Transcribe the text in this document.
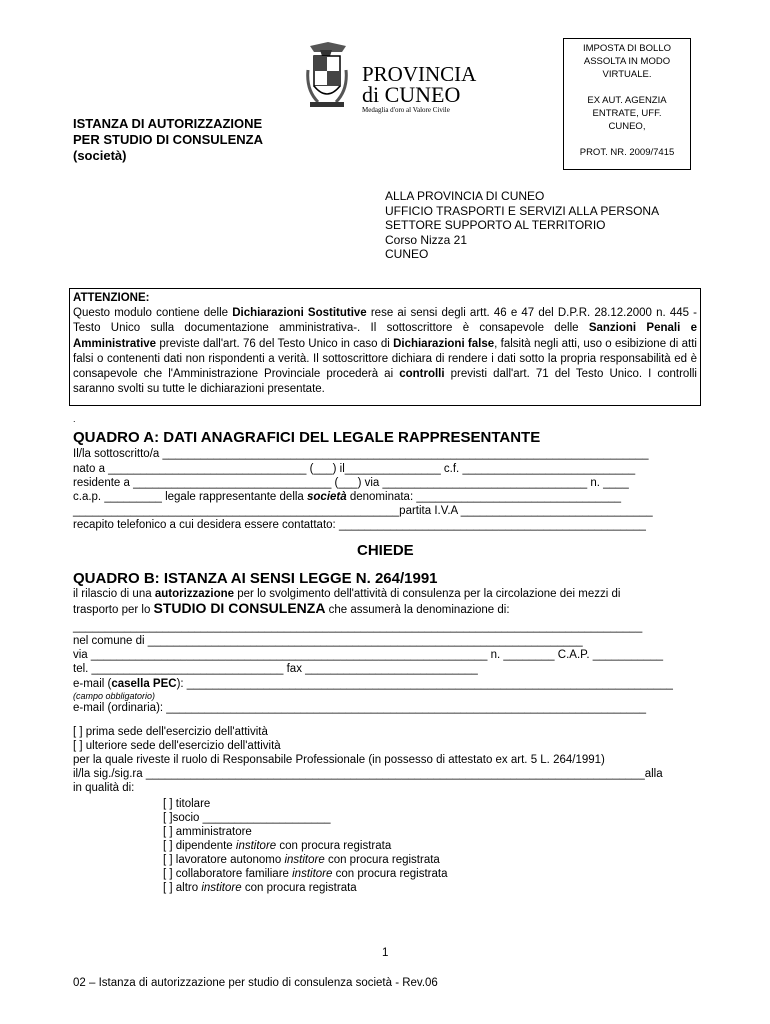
PROVINCIA
di CUNEO
Medaglia d'oro al Valore Civile
ISTANZA DI AUTORIZZAZIONE
PER STUDIO DI CONSULENZA
(società)

IMPOSTA DI BOLLO

ASSOLTA IN MODO

VIRTUALE.

EX AUT. AGENZIA

ENTRATE, UFF.

CUNEO,

PROT. NR. 2009/7415

ALLA PROVINCIA DI CUNEO
UFFICIO TRASPORTI E SERVIZI ALLA PERSONA
SETTORE SUPPORTO AL TERRITORIO
Corso Nizza 21
CUNEO
ATTENZIONE:
Questo modulo contiene delle Dichiarazioni Sostitutive rese ai sensi degli artt. 46 e 47 del D.P.R. 28.12.2000 n. 445 - Testo Unico sulla documentazione amministrativa-. Il sottoscrittore è consapevole delle Sanzioni Penali e Amministrative previste dall'art. 76 del Testo Unico in caso di Dichiarazioni false, falsità negli atti, uso o esibizione di atti falsi o contenenti dati non rispondenti a verità. Il sottoscrittore dichiara di rendere i dati sotto la propria responsabilità ed è consapevole che l'Amministrazione Provinciale procederà ai controlli previsti dall'art. 71 del Testo Unico. I controlli saranno svolti su tutte le dichiarazioni presentate.
.
QUADRO A: DATI ANAGRAFICI DEL LEGALE RAPPRESENTANTE
Il/la sottoscritto/a ____________________________________________________________________________
nato a _______________________________ (___) il_______________ c.f. ___________________________
residente a _______________________________ (___) via ________________________________ n. ____
c.a.p. _________ legale rappresentante della società denominata: ________________________________
___________________________________________________partita I.V.A ______________________________
recapito telefonico a cui desidera essere contattato: ________________________________________________
CHIEDE
QUADRO B: ISTANZA AI SENSI LEGGE N. 264/1991
il rilascio di una autorizzazione per lo svolgimento dell'attività di consulenza per la circolazione dei mezzi di
trasporto per lo STUDIO DI CONSULENZA che assumerà la denominazione di:
_________________________________________________________________________________________
nel comune di ____________________________________________________________________
via ______________________________________________________________ n. ________ C.A.P. ___________
tel. ______________________________ fax ___________________________
e-mail (casella PEC): ____________________________________________________________________________
(campo obbligatorio)
e-mail (ordinaria): ___________________________________________________________________________
[ ] prima sede dell'esercizio dell'attività
[ ] ulteriore sede dell'esercizio dell'attività
per la quale riveste il ruolo di Responsabile Professionale (in possesso di attestato ex art. 5 L. 264/1991)
il/la sig./sig.ra ______________________________________________________________________________alla
in qualità di:
[ ] titolare
[ ]socio ____________________
[ ] amministratore
[ ] dipendente institore con procura registrata
[ ] lavoratore autonomo institore con procura registrata
[ ] collaboratore familiare institore con procura registrata
[ ] altro institore con procura registrata
1
02 – Istanza di autorizzazione per studio di consulenza società - Rev.06
